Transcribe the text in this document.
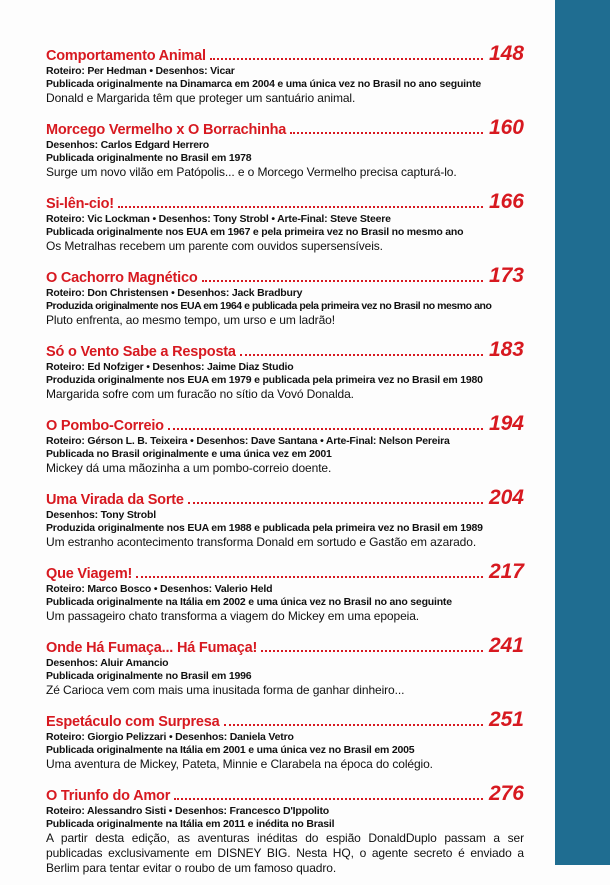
Comportamento Animal	148
Roteiro: Per Hedman • Desenhos: Vicar
Publicada originalmente na Dinamarca em 2004 e uma única vez no Brasil no ano seguinte
Donald e Margarida têm que proteger um santuário animal.
Morcego Vermelho x O Borrachinha	160
Desenhos: Carlos Edgard Herrero
Publicada originalmente no Brasil em 1978
Surge um novo vilão em Patópolis... e o Morcego Vermelho precisa capturá-lo.
Si-lên-cio!	166
Roteiro: Vic Lockman • Desenhos: Tony Strobl • Arte-Final: Steve Steere
Publicada originalmente nos EUA em 1967 e pela primeira vez no Brasil no mesmo ano
Os Metralhas recebem um parente com ouvidos supersensíveis.
O Cachorro Magnético	173
Roteiro: Don Christensen • Desenhos: Jack Bradbury
Produzida originalmente nos EUA em 1964 e publicada pela primeira vez no Brasil no mesmo ano
Pluto enfrenta, ao mesmo tempo, um urso e um ladrão!
Só o Vento Sabe a Resposta	183
Roteiro: Ed Nofziger • Desenhos: Jaime Diaz Studio
Produzida originalmente nos EUA em 1979 e publicada pela primeira vez no Brasil em 1980
Margarida sofre com um furacão no sítio da Vovó Donalda.
O Pombo-Correio	194
Roteiro: Gérson L. B. Teixeira • Desenhos: Dave Santana • Arte-Final: Nelson Pereira
Publicada no Brasil originalmente e uma única vez em 2001
Mickey dá uma mãozinha a um pombo-correio doente.
Uma Virada da Sorte	204
Desenhos: Tony Strobl
Produzida originalmente nos EUA em 1988 e publicada pela primeira vez no Brasil em 1989
Um estranho acontecimento transforma Donald em sortudo e Gastão em azarado.
Que Viagem!	217
Roteiro: Marco Bosco • Desenhos: Valerio Held
Publicada originalmente na Itália em 2002 e uma única vez no Brasil no ano seguinte
Um passageiro chato transforma a viagem do Mickey em uma epopeia.
Onde Há Fumaça... Há Fumaça!	241
Desenhos: Aluir Amancio
Publicada originalmente no Brasil em 1996
Zé Carioca vem com mais uma inusitada forma de ganhar dinheiro...
Espetáculo com Surpresa	251
Roteiro: Giorgio Pelizzari • Desenhos: Daniela Vetro
Publicada originalmente na Itália em 2001 e uma única vez no Brasil em 2005
Uma aventura de Mickey, Pateta, Minnie e Clarabela na época do colégio.
O Triunfo do Amor	276
Roteiro: Alessandro Sisti • Desenhos: Francesco D'Ippolito
Publicada originalmente na Itália em 2011 e inédita no Brasil
A partir desta edição, as aventuras inéditas do espião DonaldDuplo passam a ser publicadas exclusivamente em DISNEY BIG. Nesta HQ, o agente secreto é enviado a Berlim para tentar evitar o roubo de um famoso quadro.
